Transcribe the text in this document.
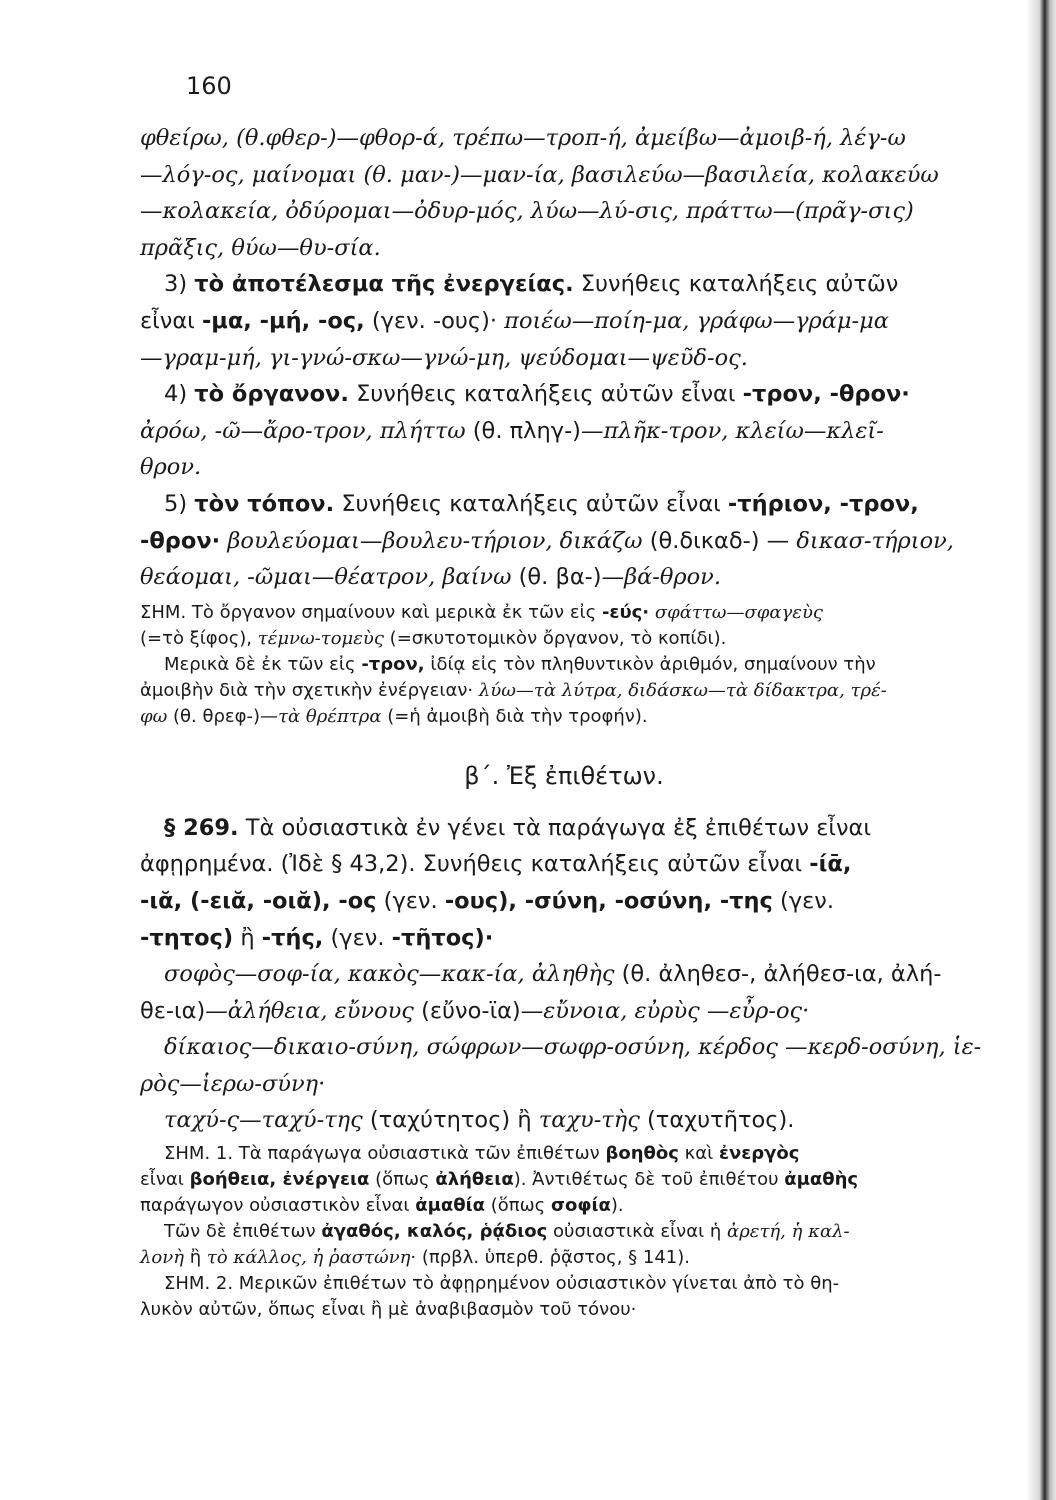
160

φθείρω, (θ.φθερ-)—φθορ-ά, τρέπω—τροπ-ή, ἀμείβω—ἀμοιβ-ή, λέγ-ω

—λόγ-ος, μαίνομαι (θ. μαν-)—μαν-ία, βασιλεύω—βασιλεία, κολακεύω

—κολακεία, ὀδύρομαι—ὀδυρ-μός, λύω—λύ-σις, πράττω—(πρᾶγ-σις)

πρᾶξις, θύω—θυ-σία.

3) τὸ ἀποτέλεσμα τῆς ἐνεργείας. Συνήθεις καταλήξεις αὐτῶν

εἶναι -μα, -μή, -ος, (γεν. -ους)· ποιέω—ποίη-μα, γράφω—γράμ-μα

—γραμ-μή, γι-γνώ-σκω—γνώ-μη, ψεύδομαι—ψεῦδ-ος.

4) τὸ ὄργανον. Συνήθεις καταλήξεις αὐτῶν εἶναι -τρον, -θρον·

ἀρόω, -ῶ—ἄρο-τρον, πλήττω (θ. πληγ-)—πλῆκ-τρον, κλείω—κλεῖ-

θρον.

5) τὸν τόπον. Συνήθεις καταλήξεις αὐτῶν εἶναι -τήριον, -τρον,

-θρον· βουλεύομαι—βουλευ-τήριον, δικάζω (θ.δικαδ-) — δικασ-τήριον,

θεάομαι, -ῶμαι—θέατρον, βαίνω (θ. βα-)—βά-θρον.

ΣΗΜ. Τὸ ὄργανον σημαίνουν καὶ μερικὰ ἐκ τῶν εἰς -εύς· σφάττω—σφαγεὺς

(=τὸ ξίφος), τέμνω-τομεὺς (=σκυτοτομικὸν ὄργανον, τὸ κοπίδι).

Μερικὰ δὲ ἐκ τῶν εἰς -τρον, ἰδίᾳ εἰς τὸν πληθυντικὸν ἀριθμόν, σημαίνουν τὴν

ἀμοιβὴν διὰ τὴν σχετικὴν ἐνέργειαν· λύω—τὰ λύτρα, διδάσκω—τὰ δίδακτρα, τρέ-

φω (θ. θρεφ-)—τὰ θρέπτρα (=ἡ ἀμοιβὴ διὰ τὴν τροφήν).

β΄. Ἐξ ἐπιθέτων.

§ 269. Τὰ οὐσιαστικὰ ἐν γένει τὰ παράγωγα ἐξ ἐπιθέτων εἶναι

ἀφῃρημένα. (Ἰδὲ § 43,2). Συνήθεις καταλήξεις αὐτῶν εἶναι -ίᾱ,

-ιᾰ, (-ειᾰ, -οιᾰ), -ος (γεν. -ους), -σύνη, -οσύνη, -της (γεν.

-τητος) ἢ -τής, (γεν. -τῆτος)·

σοφὸς—σοφ-ία, κακὸς—κακ-ία, ἀληθὴς (θ. ἀληθεσ-, ἀλήθεσ-ια, ἀλή-

θε-ια)—ἀλήθεια, εὔνους (εὔνο-ϊα)—εὔνοια, εὐρὺς —εὖρ-ος·

δίκαιος—δικαιο-σύνη, σώφρων—σωφρ-οσύνη, κέρδος —κερδ-οσύνη, ἱε-

ρὸς—ἱερω-σύνη·

ταχύ-ς—ταχύ-της (ταχύτητος) ἢ ταχυ-τὴς (ταχυτῆτος).

ΣΗΜ. 1. Τὰ παράγωγα οὐσιαστικὰ τῶν ἐπιθέτων βοηθὸς καὶ ἐνεργὸς

εἶναι βοήθεια, ἐνέργεια (ὅπως ἀλήθεια). Ἀντιθέτως δὲ τοῦ ἐπιθέτου ἀμαθὴς

παράγωγον οὐσιαστικὸν εἶναι ἀμαθία (ὅπως σοφία).

Τῶν δὲ ἐπιθέτων ἀγαθός, καλός, ῥᾴδιος οὐσιαστικὰ εἶναι ἡ ἀρετή, ἡ καλ-

λονὴ ἢ τὸ κάλλος, ἡ ῥαστώνη· (πρβλ. ὑπερθ. ῥᾷστος, § 141).

ΣΗΜ. 2. Μερικῶν ἐπιθέτων τὸ ἀφῃρημένον οὐσιαστικὸν γίνεται ἀπὸ τὸ θη-

λυκὸν αὐτῶν, ὅπως εἶναι ἢ μὲ ἀναβιβασμὸν τοῦ τόνου·
